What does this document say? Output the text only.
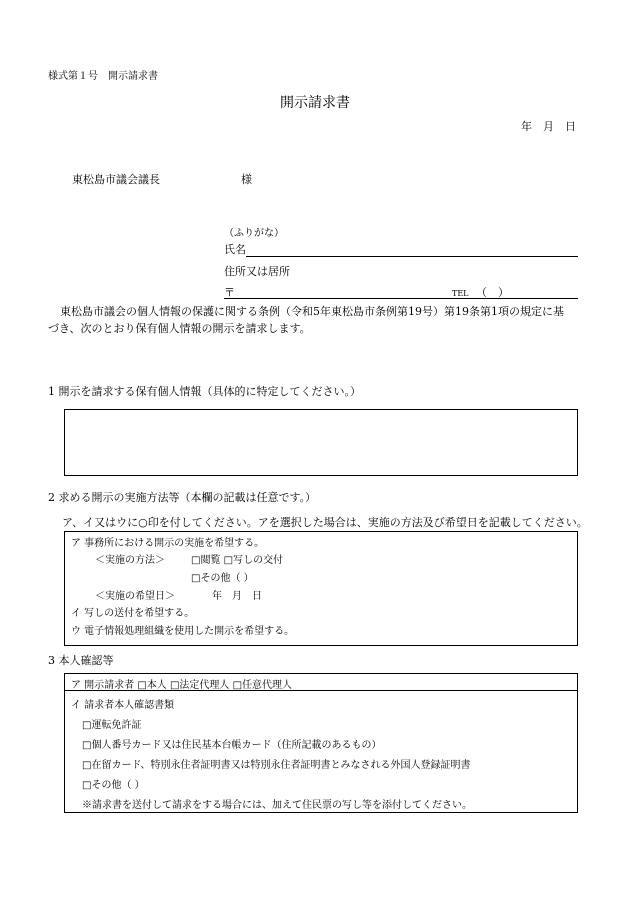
様式第１号　開示請求書
開示請求書
年　月　日
東松島市議会議長	様
（ふりがな）
氏名
住所又は居所
〒	TEL （　）
東松島市議会の個人情報の保護に関する条例（令和5年東松島市条例第19号）第19条第1項の規定に基
づき、次のとおり保有個人情報の開示を請求します。
1 開示を請求する保有個人情報（具体的に特定してください。）
2 求める開示の実施方法等（本欄の記載は任意です。）
ア、イ又はウに○印を付してください。アを選択した場合は、実施の方法及び希望日を記載してください。
ア 事務所における開示の実施を希望する。
＜実施の方法＞	□閲覧 □写しの交付
□その他（ ）
＜実施の希望日＞	年　月　日
イ 写しの送付を希望する。
ウ 電子情報処理組織を使用した開示を希望する。
3 本人確認等
ア 開示請求者 □本人 □法定代理人 □任意代理人
イ 請求者本人確認書類
□運転免許証
□個人番号カード又は住民基本台帳カード（住所記載のあるもの）
□在留カード、特別永住者証明書又は特別永住者証明書とみなされる外国人登録証明書
□その他（ ）
※請求書を送付して請求をする場合には、加えて住民票の写し等を添付してください。
